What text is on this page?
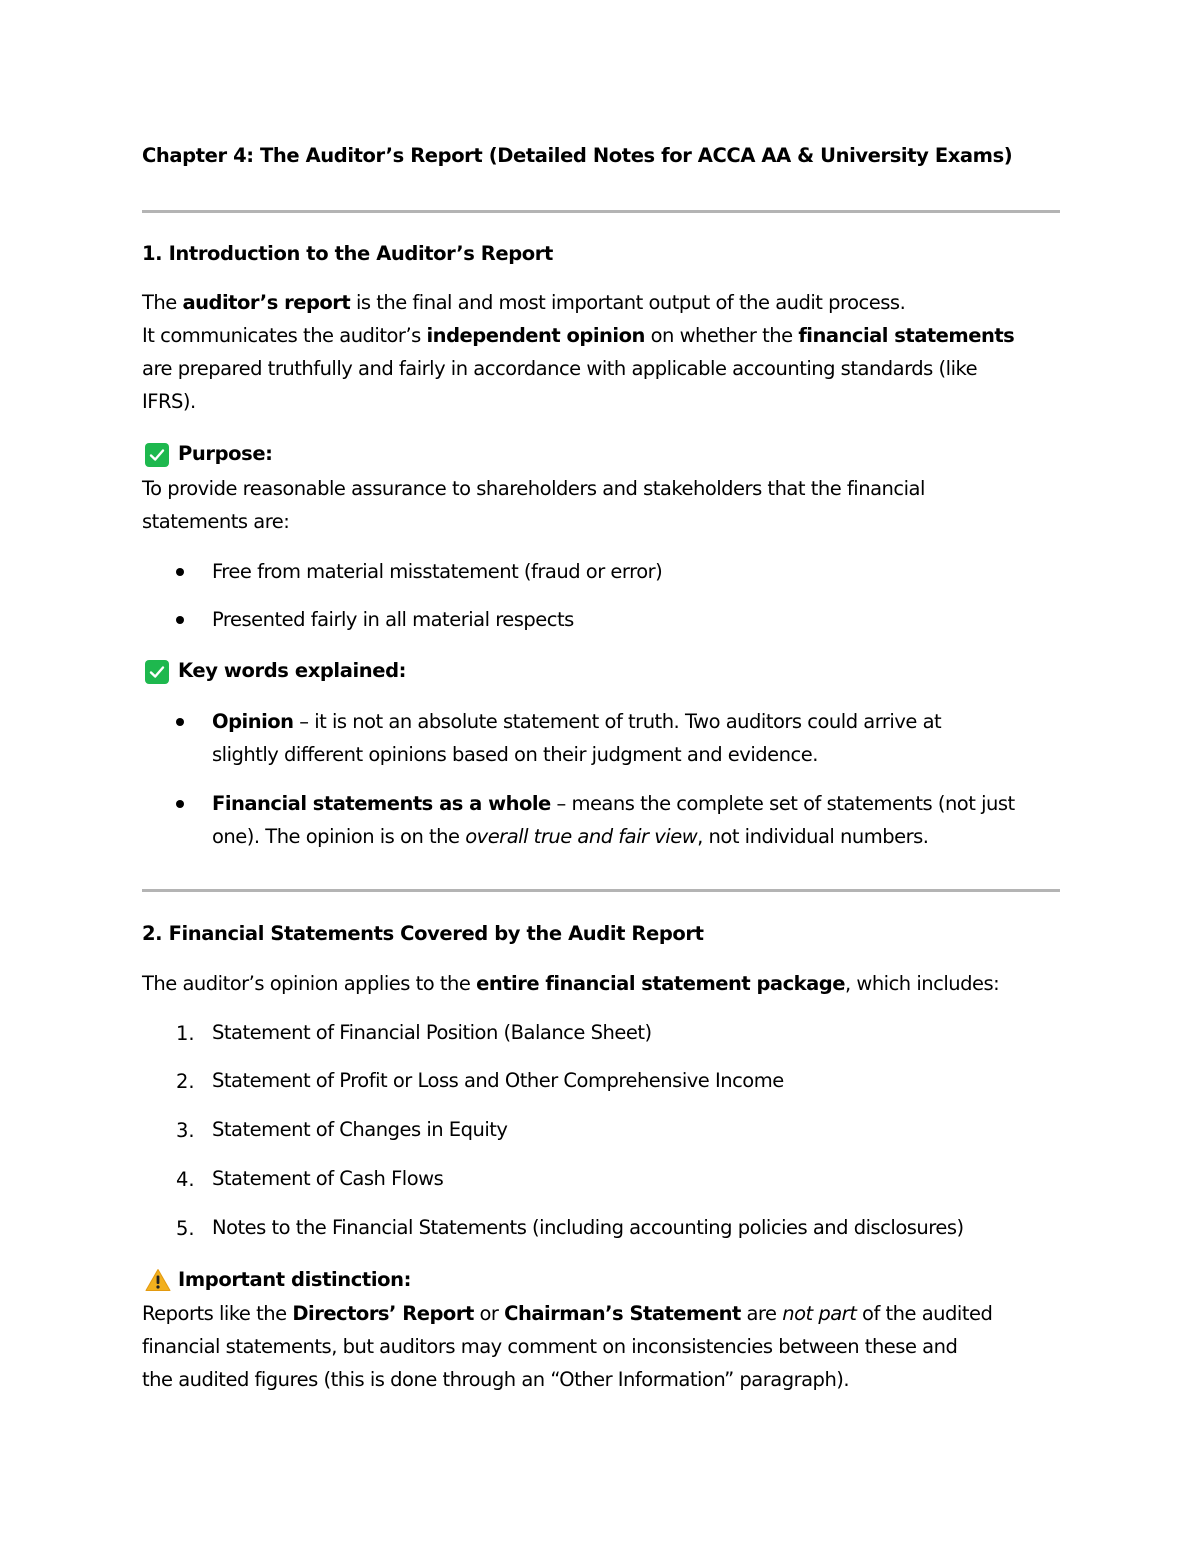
Chapter 4: The Auditor’s Report (Detailed Notes for ACCA AA & University Exams)
1. Introduction to the Auditor’s Report
The auditor’s report is the final and most important output of the audit process.
It communicates the auditor’s independent opinion on whether the financial statements
are prepared truthfully and fairly in accordance with applicable accounting standards (like
IFRS).
Purpose:
To provide reasonable assurance to shareholders and stakeholders that the financial
statements are:
Free from material misstatement (fraud or error)
Presented fairly in all material respects
Key words explained:
Opinion – it is not an absolute statement of truth. Two auditors could arrive at
slightly different opinions based on their judgment and evidence.
Financial statements as a whole – means the complete set of statements (not just
one). The opinion is on the overall true and fair view, not individual numbers.
2. Financial Statements Covered by the Audit Report
The auditor’s opinion applies to the entire financial statement package, which includes:
1. Statement of Financial Position (Balance Sheet)
2. Statement of Profit or Loss and Other Comprehensive Income
3. Statement of Changes in Equity
4. Statement of Cash Flows
5. Notes to the Financial Statements (including accounting policies and disclosures)
Important distinction:
Reports like the Directors’ Report or Chairman’s Statement are not part of the audited
financial statements, but auditors may comment on inconsistencies between these and
the audited figures (this is done through an “Other Information” paragraph).
